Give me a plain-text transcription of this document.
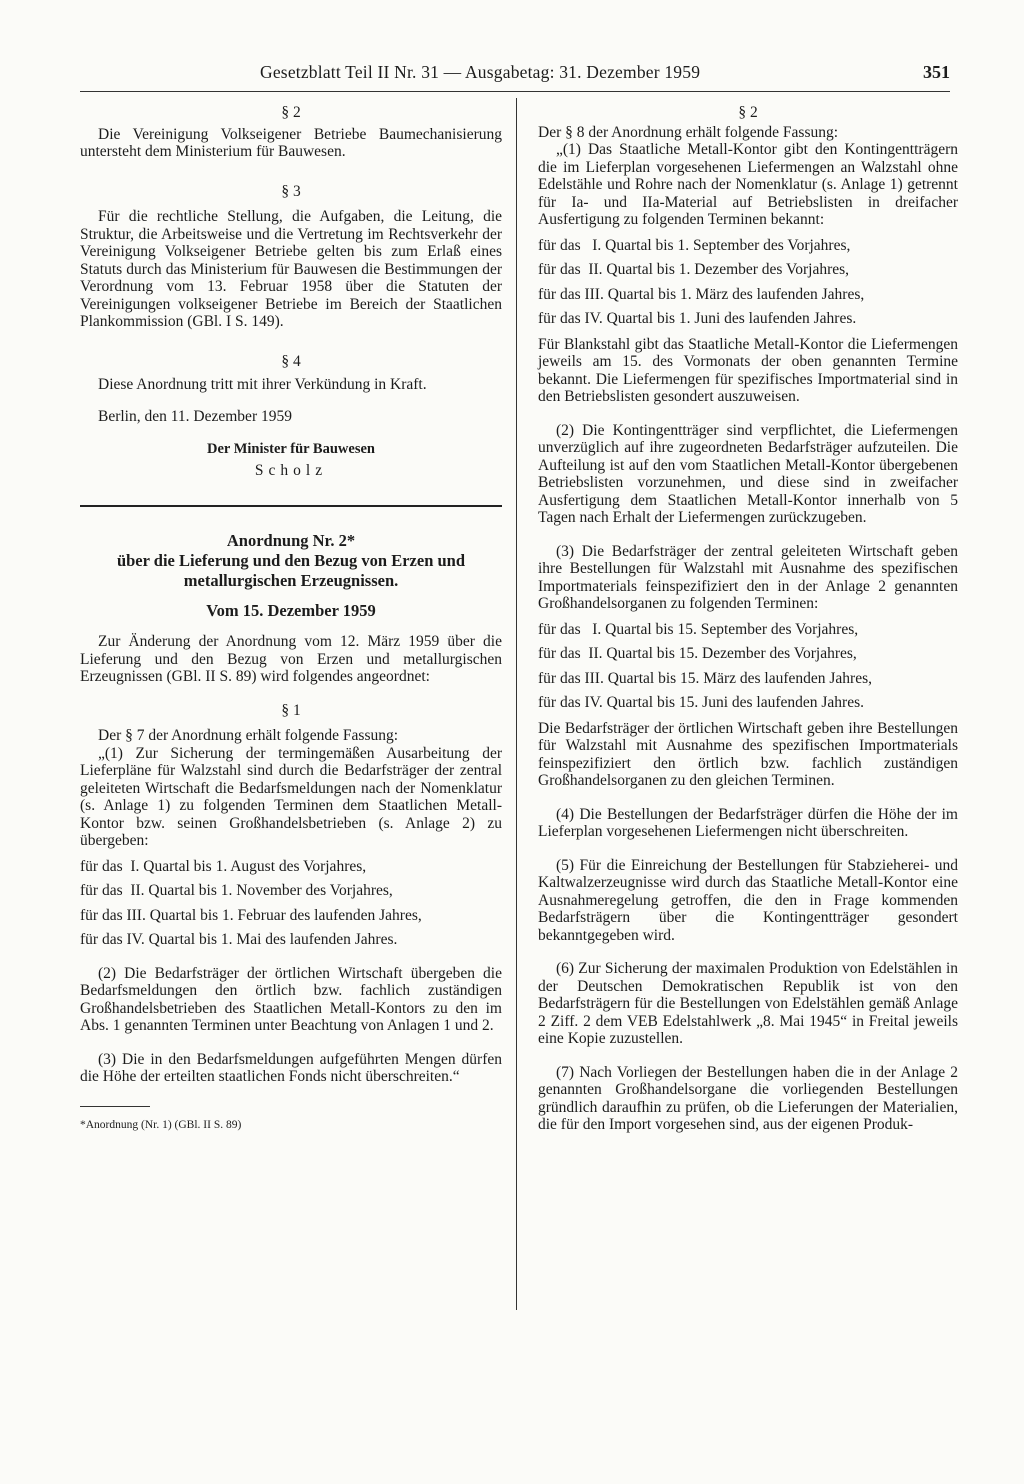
Gesetzblatt Teil II Nr. 31 — Ausgabetag: 31. Dezember 1959	351

§ 2

Die Vereinigung Volkseigener Betriebe Baumechanisierung untersteht dem Ministerium für Bauwesen.

§ 3

Für die rechtliche Stellung, die Aufgaben, die Leitung, die Struktur, die Arbeitsweise und die Vertretung im Rechtsverkehr der Vereinigung Volkseigener Betriebe gelten bis zum Erlaß eines Statuts durch das Ministerium für Bauwesen die Bestimmungen der Verordnung vom 13. Februar 1958 über die Statuten der Vereinigungen volkseigener Betriebe im Bereich der Staatlichen Plankommission (GBl. I S. 149).

§ 4

Diese Anordnung tritt mit ihrer Verkündung in Kraft.

Berlin, den 11. Dezember 1959

Der Minister für Bauwesen

Scholz

Anordnung Nr. 2*

über die Lieferung und den Bezug von Erzen und metallurgischen Erzeugnissen.

Vom 15. Dezember 1959

Zur Änderung der Anordnung vom 12. März 1959 über die Lieferung und den Bezug von Erzen und metallurgischen Erzeugnissen (GBl. II S. 89) wird folgendes angeordnet:

§ 1

Der § 7 der Anordnung erhält folgende Fassung:

„(1) Zur Sicherung der termingemäßen Ausarbeitung der Lieferpläne für Walzstahl sind durch die Bedarfsträger der zentral geleiteten Wirtschaft die Bedarfsmeldungen nach der Nomenklatur (s. Anlage 1) zu folgenden Terminen dem Staatlichen Metall-Kontor bzw. seinen Großhandelsbetrieben (s. Anlage 2) zu übergeben:

für das  I. Quartal bis 1. August des Vorjahres,

für das  II. Quartal bis 1. November des Vorjahres,

für das III. Quartal bis 1. Februar des laufenden Jahres,

für das IV. Quartal bis 1. Mai des laufenden Jahres.

(2) Die Bedarfsträger der örtlichen Wirtschaft übergeben die Bedarfsmeldungen den örtlich bzw. fachlich zuständigen Großhandelsbetrieben des Staatlichen Metall-Kontors zu den im Abs. 1 genannten Terminen unter Beachtung von Anlagen 1 und 2.

(3) Die in den Bedarfsmeldungen aufgeführten Mengen dürfen die Höhe der erteilten staatlichen Fonds nicht überschreiten.“

*Anordnung (Nr. 1) (GBl. II S. 89)

§ 2

Der § 8 der Anordnung erhält folgende Fassung:

„(1) Das Staatliche Metall-Kontor gibt den Kontingentträgern die im Lieferplan vorgesehenen Liefermengen an Walzstahl ohne Edelstähle und Rohre nach der Nomenklatur (s. Anlage 1) getrennt für Ia- und IIa-Material auf Betriebslisten in dreifacher Ausfertigung zu folgenden Terminen bekannt:

für das   I. Quartal bis 1. September des Vorjahres,

für das  II. Quartal bis 1. Dezember des Vorjahres,

für das III. Quartal bis 1. März des laufenden Jahres,

für das IV. Quartal bis 1. Juni des laufenden Jahres.

Für Blankstahl gibt das Staatliche Metall-Kontor die Liefermengen jeweils am 15. des Vormonats der oben genannten Termine bekannt. Die Liefermengen für spezifisches Importmaterial sind in den Betriebslisten gesondert auszuweisen.

(2) Die Kontingentträger sind verpflichtet, die Liefermengen unverzüglich auf ihre zugeordneten Bedarfsträger aufzuteilen. Die Aufteilung ist auf den vom Staatlichen Metall-Kontor übergebenen Betriebslisten vorzunehmen, und diese sind in zweifacher Ausfertigung dem Staatlichen Metall-Kontor innerhalb von 5 Tagen nach Erhalt der Liefermengen zurückzugeben.

(3) Die Bedarfsträger der zentral geleiteten Wirtschaft geben ihre Bestellungen für Walzstahl mit Ausnahme des spezifischen Importmaterials feinspezifiziert den in der Anlage 2 genannten Großhandelsorganen zu folgenden Terminen:

für das   I. Quartal bis 15. September des Vorjahres,

für das  II. Quartal bis 15. Dezember des Vorjahres,

für das III. Quartal bis 15. März des laufenden Jahres,

für das IV. Quartal bis 15. Juni des laufenden Jahres.

Die Bedarfsträger der örtlichen Wirtschaft geben ihre Bestellungen für Walzstahl mit Ausnahme des spezifischen Importmaterials feinspezifiziert den örtlich bzw. fachlich zuständigen Großhandelsorganen zu den gleichen Terminen.

(4) Die Bestellungen der Bedarfsträger dürfen die Höhe der im Lieferplan vorgesehenen Liefermengen nicht überschreiten.

(5) Für die Einreichung der Bestellungen für Stabzieherei- und Kaltwalzerzeugnisse wird durch das Staatliche Metall-Kontor eine Ausnahmeregelung getroffen, die den in Frage kommenden Bedarfsträgern über die Kontingentträger gesondert bekanntgegeben wird.

(6) Zur Sicherung der maximalen Produktion von Edelstählen in der Deutschen Demokratischen Republik ist von den Bedarfsträgern für die Bestellungen von Edelstählen gemäß Anlage 2 Ziff. 2 dem VEB Edelstahlwerk „8. Mai 1945“ in Freital jeweils eine Kopie zuzustellen.

(7) Nach Vorliegen der Bestellungen haben die in der Anlage 2 genannten Großhandelsorgane die vorliegenden Bestellungen gründlich daraufhin zu prüfen, ob die Lieferungen der Materialien, die für den Import vorgesehen sind, aus der eigenen Produk-
